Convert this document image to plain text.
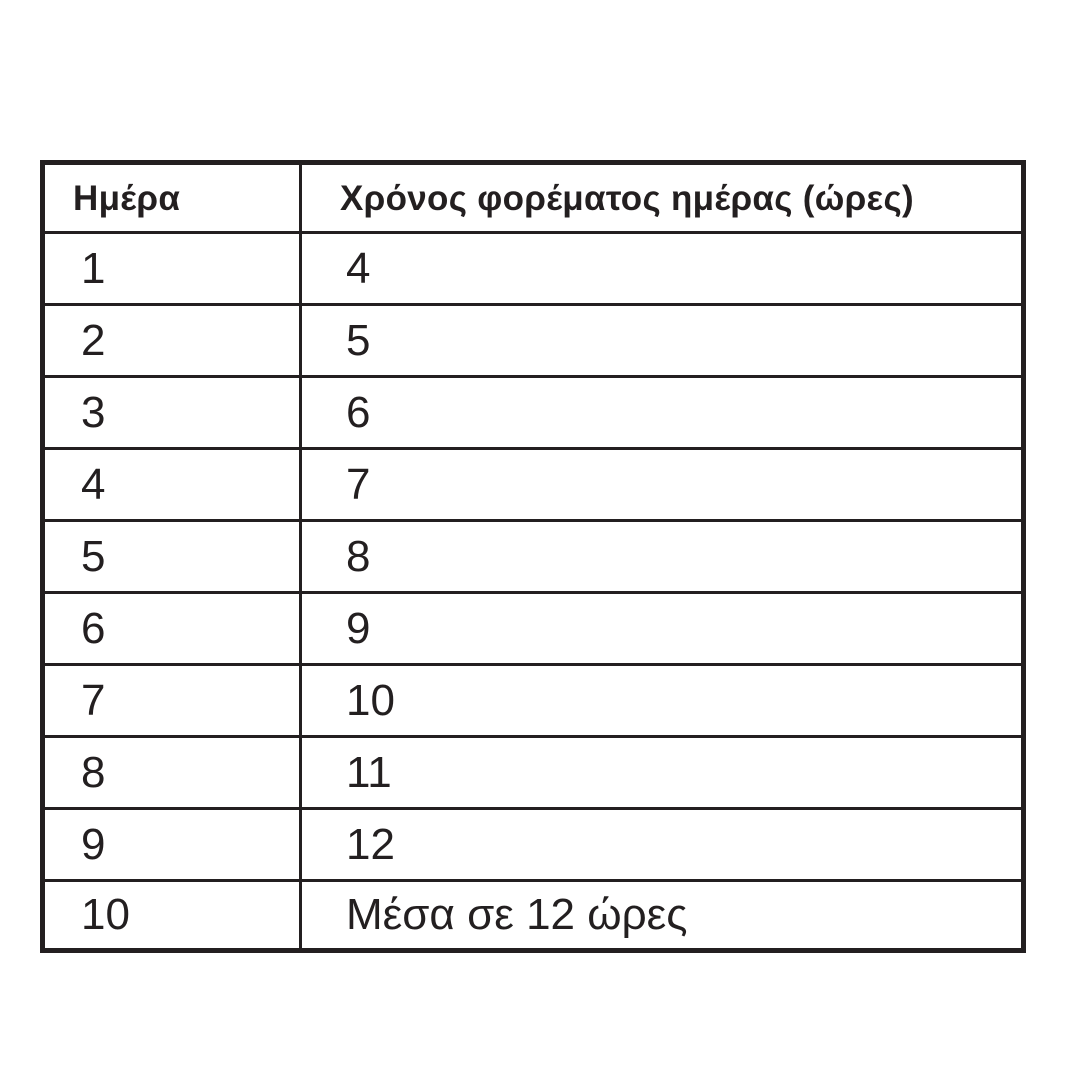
Ημέρα	Χρόνος φορέματος ημέρας (ώρες)
1	4
2	5
3	6
4	7
5	8
6	9
7	10
8	11
9	12
10	Μέσα σε 12 ώρες
